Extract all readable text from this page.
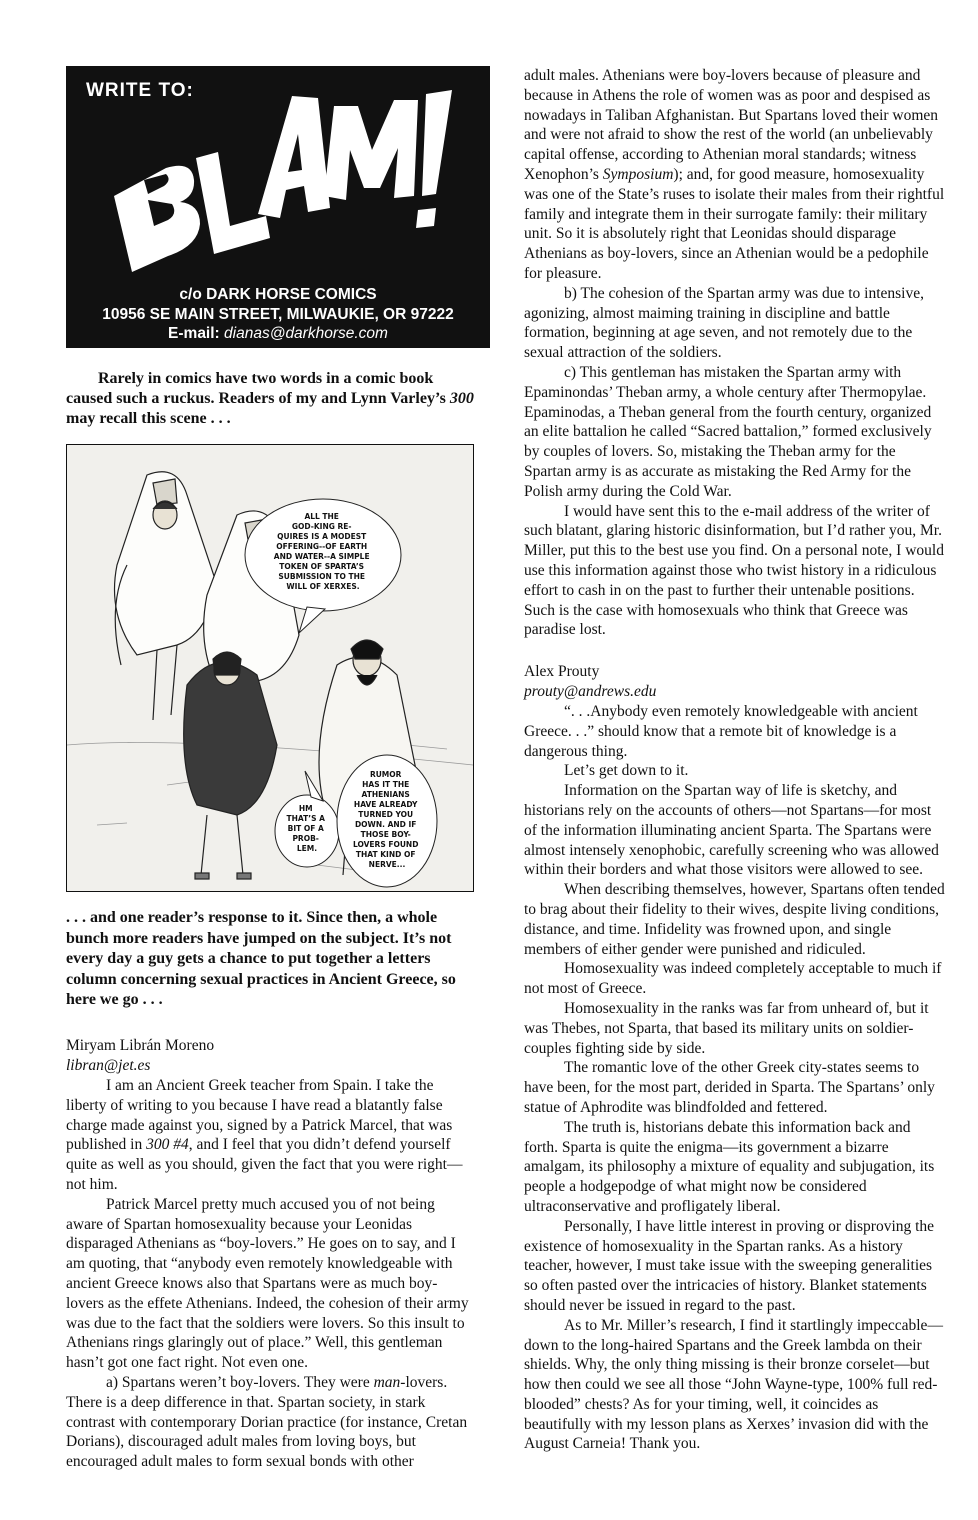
BLAM!
WRITE TO:
c/o DARK HORSE COMICS
10956 SE MAIN STREET, MILWAUKIE, OR 97222
E-mail: dianas@darkhorse.com

Rarely in comics have two words in a comic book caused such a ruckus. Readers of my and Lynn Varley’s 300 may recall this scene . . .

ALL THE GOD-KING RE- QUIRES IS A MODEST OFFERING--OF EARTH AND WATER--A SIMPLE TOKEN OF SPARTA’S SUBMISSION TO THE WILL OF XERXES.
HM THAT’S A BIT OF A PROB- LEM.
RUMOR HAS IT THE ATHENIANS HAVE ALREADY TURNED YOU DOWN. AND IF THOSE BOY- LOVERS FOUND THAT KIND OF NERVE...
. . . and one reader’s response to it. Since then, a whole bunch more readers have jumped on the subject. It’s not every day a guy gets a chance to put together a letters column concerning sexual practices in Ancient Greece, so here we go . . .
Miryam Librán Moreno
libran@jet.es

I am an Ancient Greek teacher from Spain. I take the liberty of writing to you because I have read a blatantly false charge made against you, signed by a Patrick Marcel, that was published in 300 #4, and I feel that you didn’t defend yourself quite as well as you should, given the fact that you were right—not him.

Patrick Marcel pretty much accused you of not being aware of Spartan homosexuality because your Leonidas disparaged Athenians as “boy-lovers.” He goes on to say, and I am quoting, that “anybody even remotely knowledgeable with ancient Greece knows also that Spartans were as much boy-lovers as the effete Athenians. Indeed, the cohesion of their army was due to the fact that the soldiers were lovers. So this insult to Athenians rings glaringly out of place.” Well, this gentleman hasn’t got one fact right. Not even one.

a) Spartans weren’t boy-lovers. They were man-lovers. There is a deep difference in that. Spartan society, in stark contrast with contemporary Dorian practice (for instance, Cretan Dorians), discouraged adult males from loving boys, but encouraged adult males to form sexual bonds with other

adult males. Athenians were boy-lovers because of pleasure and because in Athens the role of women was as poor and despised as nowadays in Taliban Afghanistan. But Spartans loved their women and were not afraid to show the rest of the world (an unbelievably capital offense, according to Athenian moral standards; witness Xenophon’s Symposium); and, for good measure, homosexuality was one of the State’s ruses to isolate their males from their rightful family and integrate them in their surrogate family: their military unit. So it is absolutely right that Leonidas should disparage Athenians as boy-lovers, since an Athenian would be a pedophile for pleasure.

b) The cohesion of the Spartan army was due to intensive, agonizing, almost maiming training in discipline and battle formation, beginning at age seven, and not remotely due to the sexual attraction of the soldiers.

c) This gentleman has mistaken the Spartan army with Epaminondas’ Theban army, a whole century after Thermopylae. Epaminodas, a Theban general from the fourth century, organized an elite battalion he called “Sacred battalion,” formed exclusively by couples of lovers. So, mistaking the Theban army for the Spartan army is as accurate as mistaking the Red Army for the Polish army during the Cold War.

I would have sent this to the e-mail address of the writer of such blatant, glaring historic disinformation, but I’d rather you, Mr. Miller, put this to the best use you find. On a personal note, I would use this information against those who twist history in a ridiculous effort to cash in on the past to further their untenable positions. Such is the case with homosexuals who think that Greece was paradise lost.

Alex Prouty
prouty@andrews.edu

“. . .Anybody even remotely knowledgeable with ancient Greece. . .” should know that a remote bit of knowledge is a dangerous thing.

Let’s get down to it.

Information on the Spartan way of life is sketchy, and historians rely on the accounts of others—not Spartans—for most of the information illuminating ancient Sparta. The Spartans were almost intensely xenophobic, carefully screening who was allowed within their borders and what those visitors were allowed to see.

When describing themselves, however, Spartans often tended to brag about their fidelity to their wives, despite living conditions, distance, and time. Infidelity was frowned upon, and single members of either gender were punished and ridiculed.

Homosexuality was indeed completely acceptable to much if not most of Greece.

Homosexuality in the ranks was far from unheard of, but it was Thebes, not Sparta, that based its military units on soldier-couples fighting side by side.

The romantic love of the other Greek city-states seems to have been, for the most part, derided in Sparta. The Spartans’ only statue of Aphrodite was blindfolded and fettered.

The truth is, historians debate this information back and forth. Sparta is quite the enigma—its government a bizarre amalgam, its philosophy a mixture of equality and subjugation, its people a hodgepodge of what might now be considered ultraconservative and profligately liberal.

Personally, I have little interest in proving or disproving the existence of homosexuality in the Spartan ranks. As a history teacher, however, I must take issue with the sweeping generalities so often pasted over the intricacies of history. Blanket statements should never be issued in regard to the past.

As to Mr. Miller’s research, I find it startlingly impeccable—down to the long-haired Spartans and the Greek lambda on their shields. Why, the only thing missing is their bronze corselet—but how then could we see all those “John Wayne-type, 100% full red-blooded” chests? As for your timing, well, it coincides as beautifully with my lesson plans as Xerxes’ invasion did with the August Carneia! Thank you.
